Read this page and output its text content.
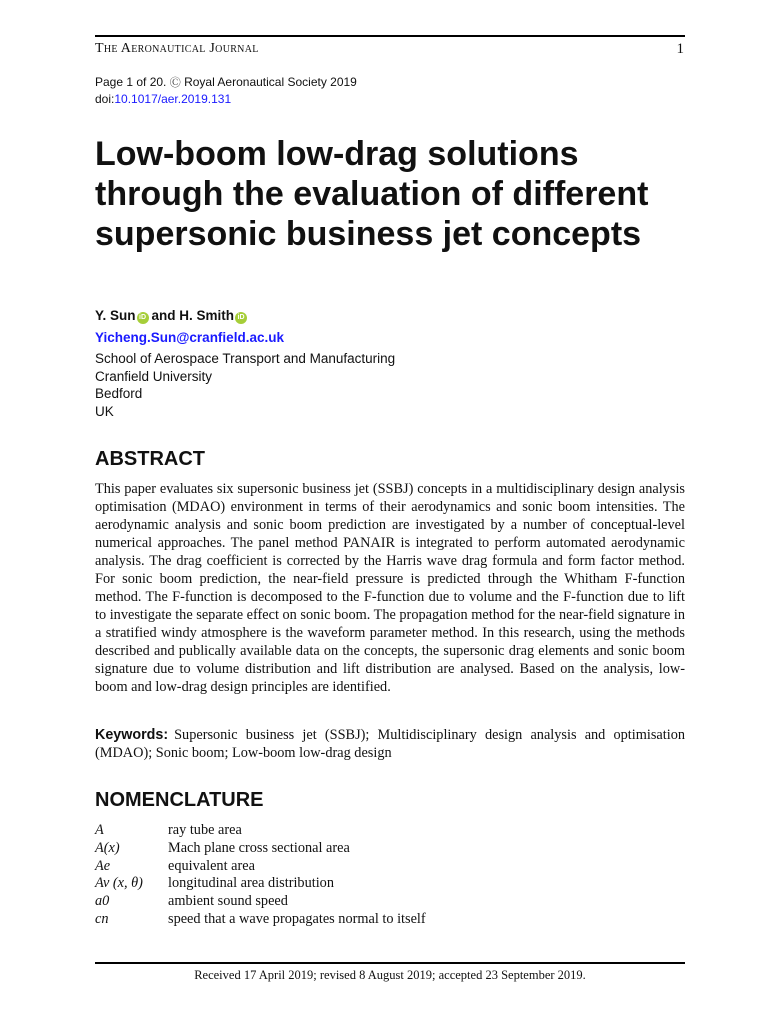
The Aeronautical Journal	1
Page 1 of 20. Ⓒ Royal Aeronautical Society 2019
doi:10.1017/aer.2019.131
Low-boom low-drag solutions through the evaluation of different supersonic business jet concepts
Y. Sun iD and H. Smith iD
Yicheng.Sun@cranfield.ac.uk
School of Aerospace Transport and Manufacturing
Cranfield University
Bedford
UK
ABSTRACT
This paper evaluates six supersonic business jet (SSBJ) concepts in a multidisciplinary design analysis optimisation (MDAO) environment in terms of their aerodynamics and sonic boom intensities. The aerodynamic analysis and sonic boom prediction are investigated by a number of conceptual-level numerical approaches. The panel method PANAIR is integrated to perform automated aerodynamic analysis. The drag coefficient is corrected by the Harris wave drag formula and form factor method. For sonic boom prediction, the near-field pressure is predicted through the Whitham F-function method. The F-function is decomposed to the F-function due to volume and the F-function due to lift to investigate the separate effect on sonic boom. The propagation method for the near-field signature in a stratified windy atmosphere is the waveform parameter method. In this research, using the methods described and publically available data on the concepts, the supersonic drag elements and sonic boom signature due to volume distribution and lift distribution are analysed. Based on the analysis, low-boom and low-drag design principles are identified.
Keywords: Supersonic business jet (SSBJ); Multidisciplinary design analysis and optimisation (MDAO); Sonic boom; Low-boom low-drag design
NOMENCLATURE
A	ray tube area
A(x)	Mach plane cross sectional area
Ae	equivalent area
Av (x, θ)	longitudinal area distribution
a0	ambient sound speed
cn	speed that a wave propagates normal to itself
Received 17 April 2019; revised 8 August 2019; accepted 23 September 2019.
